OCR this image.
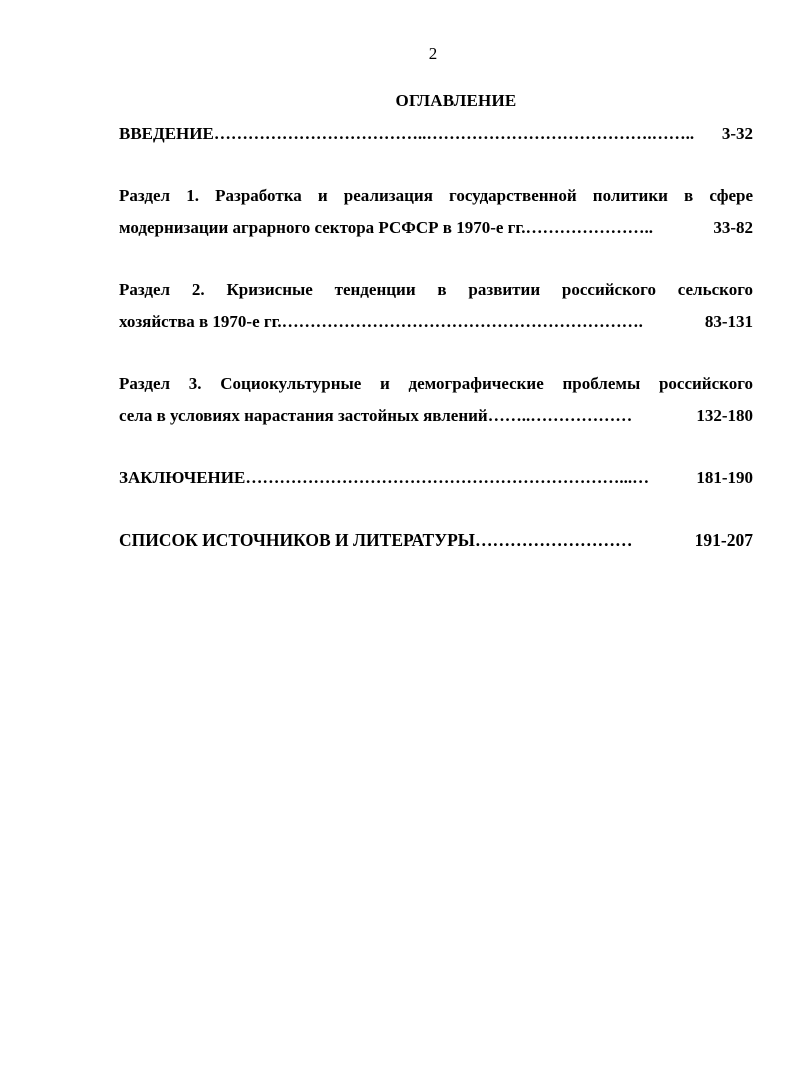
2
ОГЛАВЛЕНИЕ
ВВЕДЕНИЕ ………………………………..………………………………….……..	3-32
Раздел 1. Разработка и реализация государственной политики в сфере
модернизации аграрного сектора РСФСР в 1970-е гг. …………………..	33-82
Раздел 2. Кризисные тенденции в развитии российского сельского
хозяйства в 1970-е гг. ……………………………………………………….	83-131
Раздел 3. Социокультурные и демографические проблемы российского
села в условиях нарастания застойных явлений ……..………………	132-180
ЗАКЛЮЧЕНИЕ …………………………………………………………...…	181-190
СПИСОК ИСТОЧНИКОВ И ЛИТЕРАТУРЫ ………………………	191-207
